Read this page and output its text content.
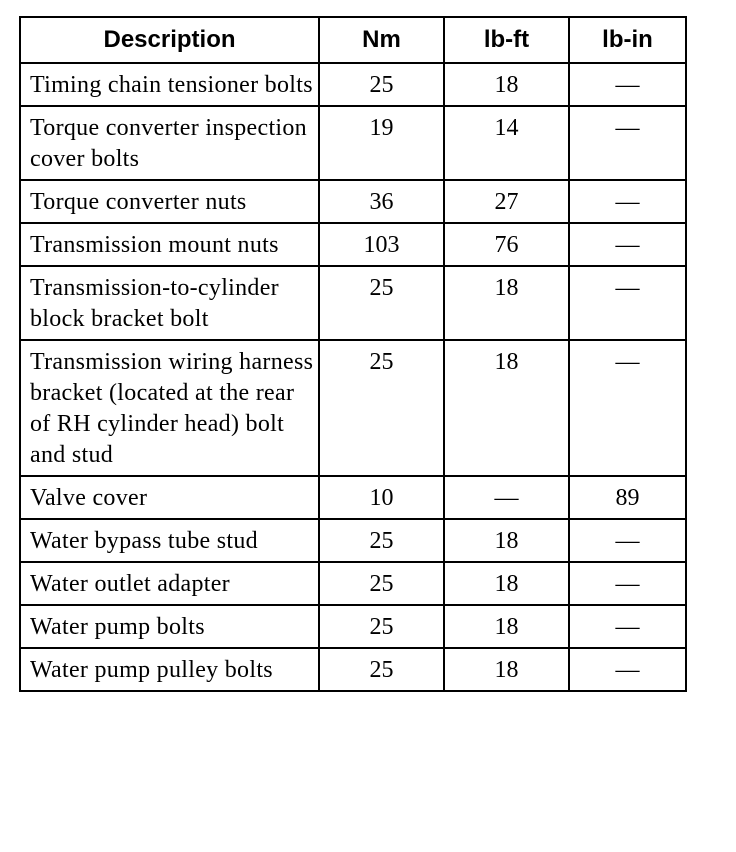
Description	Nm	lb-ft	lb-in
Timing chain tensioner bolts	25	18	—
Torque converter inspection cover bolts	19	14	—
Torque converter nuts	36	27	—
Transmission mount nuts	103	76	—
Transmission-to-cylinder block bracket bolt	25	18	—
Transmission wiring harness bracket (located at the rear of RH cylinder head) bolt and stud	25	18	—
Valve cover	10	—	89
Water bypass tube stud	25	18	—
Water outlet adapter	25	18	—
Water pump bolts	25	18	—
Water pump pulley bolts	25	18	—
